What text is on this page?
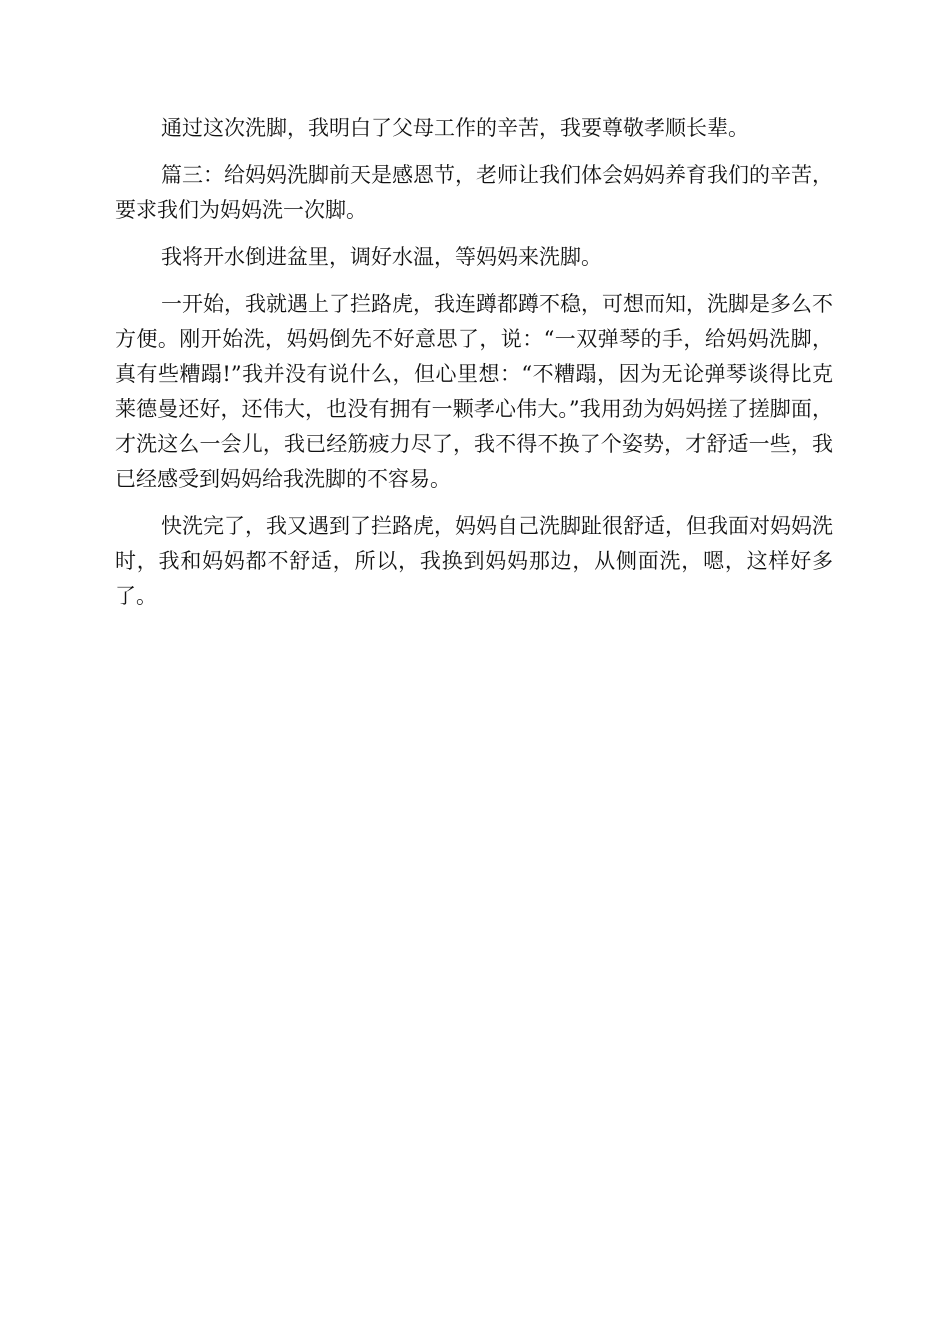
通过这次洗脚，我明白了父母工作的辛苦，我要尊敬孝顺长辈。

篇三：给妈妈洗脚前天是感恩节，老师让我们体会妈妈养育我们的辛苦，要求我们为妈妈洗一次脚。

我将开水倒进盆里，调好水温，等妈妈来洗脚。

一开始，我就遇上了拦路虎，我连蹲都蹲不稳，可想而知，洗脚是多么不方便。刚开始洗，妈妈倒先不好意思了，说：“一双弹琴的手，给妈妈洗脚，真有些糟蹋!”我并没有说什么，但心里想：“不糟蹋，因为无论弹琴谈得比克莱德曼还好，还伟大，也没有拥有一颗孝心伟大。”我用劲为妈妈搓了搓脚面，才洗这么一会儿，我已经筋疲力尽了，我不得不换了个姿势，才舒适一些，我已经感受到妈妈给我洗脚的不容易。

快洗完了，我又遇到了拦路虎，妈妈自己洗脚趾很舒适，但我面对妈妈洗时，我和妈妈都不舒适，所以，我换到妈妈那边，从侧面洗，嗯，这样好多了。
